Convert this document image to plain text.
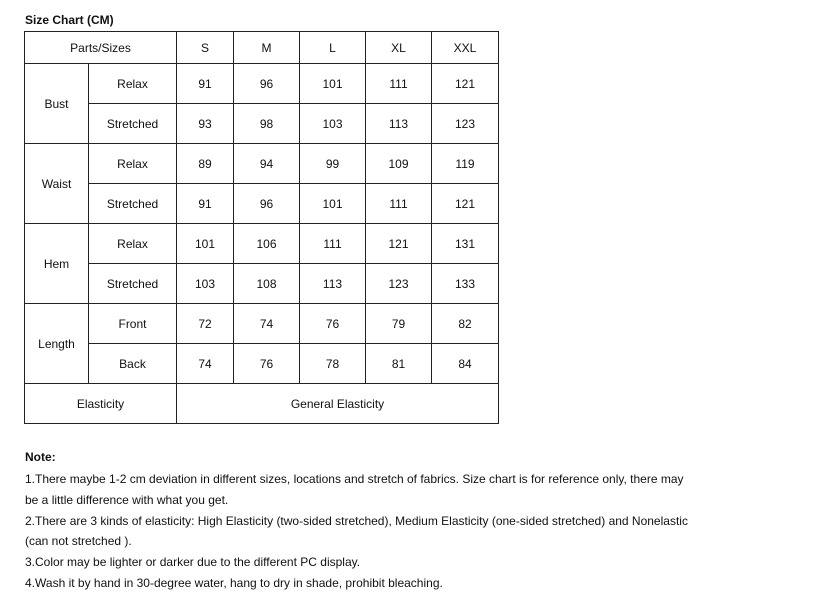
Size Chart (CM)
Parts/Sizes		S	M	L	XL	XXL
Bust	Relax	91	96	101	111	121
	Stretched	93	98	103	113	123
Waist	Relax	89	94	99	109	119
	Stretched	91	96	101	111	121
Hem	Relax	101	106	111	121	131
	Stretched	103	108	113	123	133
Length	Front	72	74	76	79	82
	Back	74	76	78	81	84
Elasticity		General Elasticity				
Note:
1.There maybe 1-2 cm deviation in different sizes, locations and stretch of fabrics. Size chart is for reference only, there may
be a little difference with what you get.
2.There are 3 kinds of elasticity: High Elasticity (two-sided stretched), Medium Elasticity (one-sided stretched) and Nonelastic
(can not stretched ).
3.Color may be lighter or darker due to the different PC display.
4.Wash it by hand in 30-degree water, hang to dry in shade, prohibit bleaching.
